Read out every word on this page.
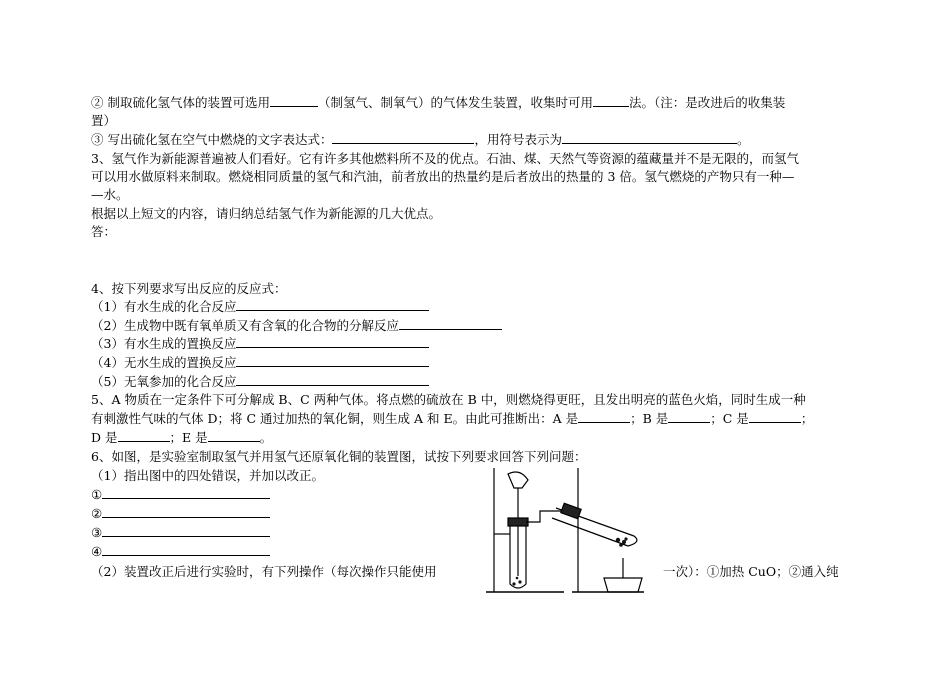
② 制取硫化氢气体的装置可选用	（制氢气、制氧气）的气体发生装置，收集时可用	法。（注：是改进后的收集装
置）
③ 写出硫化氢在空气中燃烧的文字表达式：	，用符号表示为	。
3、氢气作为新能源普遍被人们看好。它有许多其他燃料所不及的优点。石油、煤、天然气等资源的蕴藏量并不是无限的，而氢气
可以用水做原料来制取。燃烧相同质量的氢气和汽油，前者放出的热量约是后者放出的热量的 3 倍。氢气燃烧的产物只有一种—
—水。
根据以上短文的内容，请归纳总结氢气作为新能源的几大优点。
答：
4、按下列要求写出反应的反应式：
（1）有水生成的化合反应
（2）生成物中既有氧单质又有含氧的化合物的分解反应
（3）有水生成的置换反应
（4）无水生成的置换反应
（5）无氧参加的化合反应
5、A 物质在一定条件下可分解成 B、C 两种气体。将点燃的硫放在 B 中，则燃烧得更旺，且发出明亮的蓝色火焰，同时生成一种
有刺激性气味的气体 D；将 C 通过加热的氧化铜，则生成 A 和 E。由此可推断出：A 是	；B 是	；C 是	；
D 是	；E 是	。
6、如图，是实验室制取氢气并用氢气还原氧化铜的装置图，试按下列要求回答下列问题：
（1）指出图中的四处错误，并加以改正。
①
②
③
④
（2）装置改正后进行实验时，有下列操作（每次操作只能使用	一次）：①加热 CuO；②通入纯
